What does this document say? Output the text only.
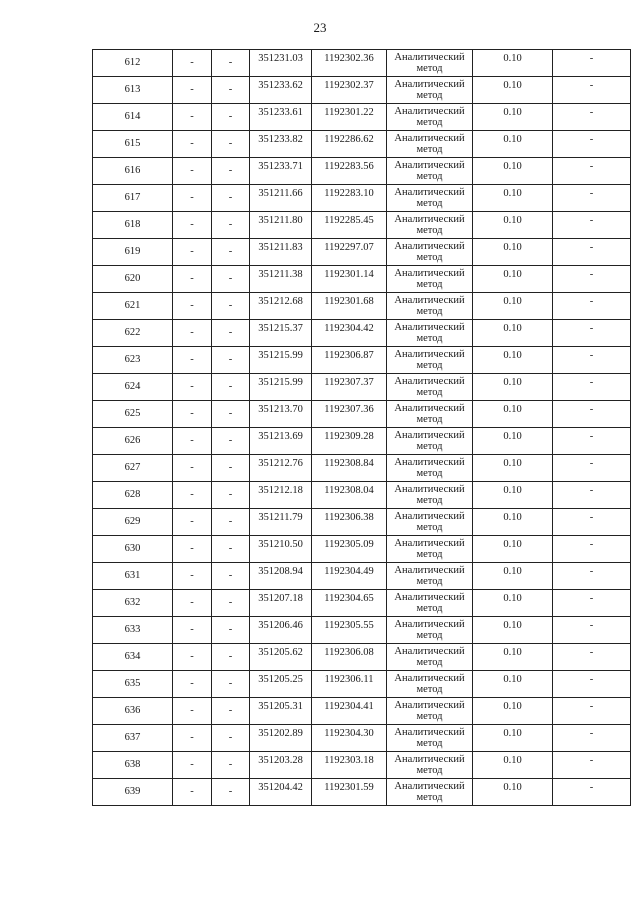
23
612	-	-	351231.03	1192302.36	Аналитический метод	0.10	-

613	-	-	351233.62	1192302.37	Аналитический метод	0.10	-

614	-	-	351233.61	1192301.22	Аналитический метод	0.10	-

615	-	-	351233.82	1192286.62	Аналитический метод	0.10	-

616	-	-	351233.71	1192283.56	Аналитический метод	0.10	-

617	-	-	351211.66	1192283.10	Аналитический метод	0.10	-

618	-	-	351211.80	1192285.45	Аналитический метод	0.10	-

619	-	-	351211.83	1192297.07	Аналитический метод	0.10	-

620	-	-	351211.38	1192301.14	Аналитический метод	0.10	-

621	-	-	351212.68	1192301.68	Аналитический метод	0.10	-

622	-	-	351215.37	1192304.42	Аналитический метод	0.10	-

623	-	-	351215.99	1192306.87	Аналитический метод	0.10	-

624	-	-	351215.99	1192307.37	Аналитический метод	0.10	-

625	-	-	351213.70	1192307.36	Аналитический метод	0.10	-

626	-	-	351213.69	1192309.28	Аналитический метод	0.10	-

627	-	-	351212.76	1192308.84	Аналитический метод	0.10	-

628	-	-	351212.18	1192308.04	Аналитический метод	0.10	-

629	-	-	351211.79	1192306.38	Аналитический метод	0.10	-

630	-	-	351210.50	1192305.09	Аналитический метод	0.10	-

631	-	-	351208.94	1192304.49	Аналитический метод	0.10	-

632	-	-	351207.18	1192304.65	Аналитический метод	0.10	-

633	-	-	351206.46	1192305.55	Аналитический метод	0.10	-

634	-	-	351205.62	1192306.08	Аналитический метод	0.10	-

635	-	-	351205.25	1192306.11	Аналитический метод	0.10	-

636	-	-	351205.31	1192304.41	Аналитический метод	0.10	-

637	-	-	351202.89	1192304.30	Аналитический метод	0.10	-

638	-	-	351203.28	1192303.18	Аналитический метод	0.10	-

639	-	-	351204.42	1192301.59	Аналитический метод	0.10	-
